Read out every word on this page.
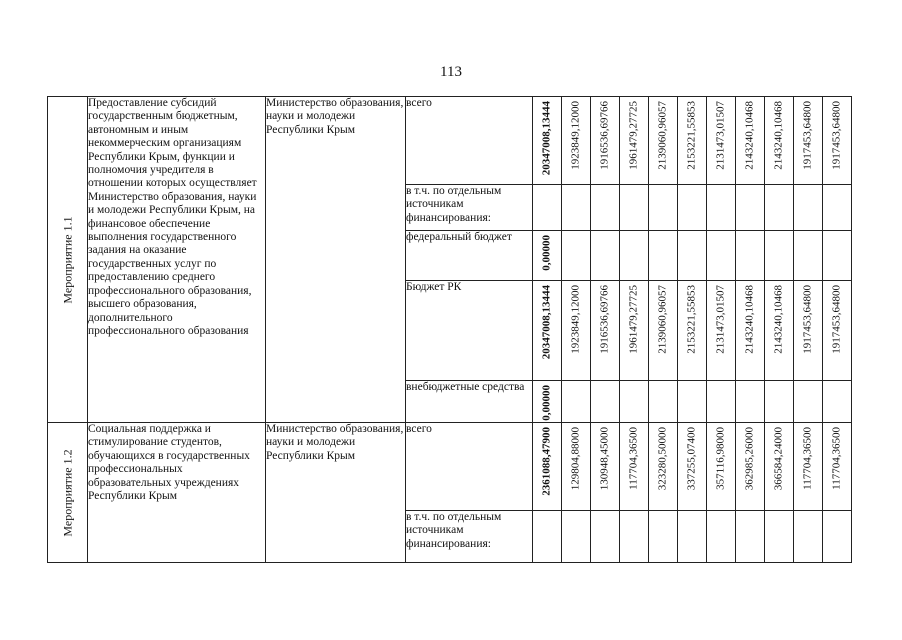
113
Мероприятие 1.1	Предоставление субсидий государственным бюджетным, автономным и иным некоммерческим организациям Республики Крым, функции и полномочия учредителя в отношении которых осуществляет Министерство образования, науки и молодежи Республики Крым, на финансовое обеспечение выполнения государственного задания на оказание государственных услуг по предоставлению среднего профессионального образования, высшего образования, дополнительного профессионального образования	Министерство образования, науки и молодежи Республики Крым	всего	20347008,13444	1923849,12000	1916536,69766	1961479,27725	2139060,96057	2153221,55853	2131473,01507	2143240,10468	2143240,10468	1917453,64800	1917453,64800

			в т.ч. по отдельным источникам финансирования:	

			федеральный бюджет	0,00000										

			Бюджет РК	20347008,13444	1923849,12000	1916536,69766	1961479,27725	2139060,96057	2153221,55853	2131473,01507	2143240,10468	2143240,10468	1917453,64800	1917453,64800

			внебюджетные средства	0,00000										

Мероприятие 1.2	Социальная поддержка и стимулирование студентов, обучающихся в государственных профессиональных образовательных учреждениях Республики Крым	Министерство образования, науки и молодежи Республики Крым	всего	2361088,47900	129804,88000	130948,45000	117704,36500	323280,50000	337255,07400	357116,98000	362985,26000	366584,24000	117704,36500	117704,36500

			в т.ч. по отдельным источникам финансирования:	
